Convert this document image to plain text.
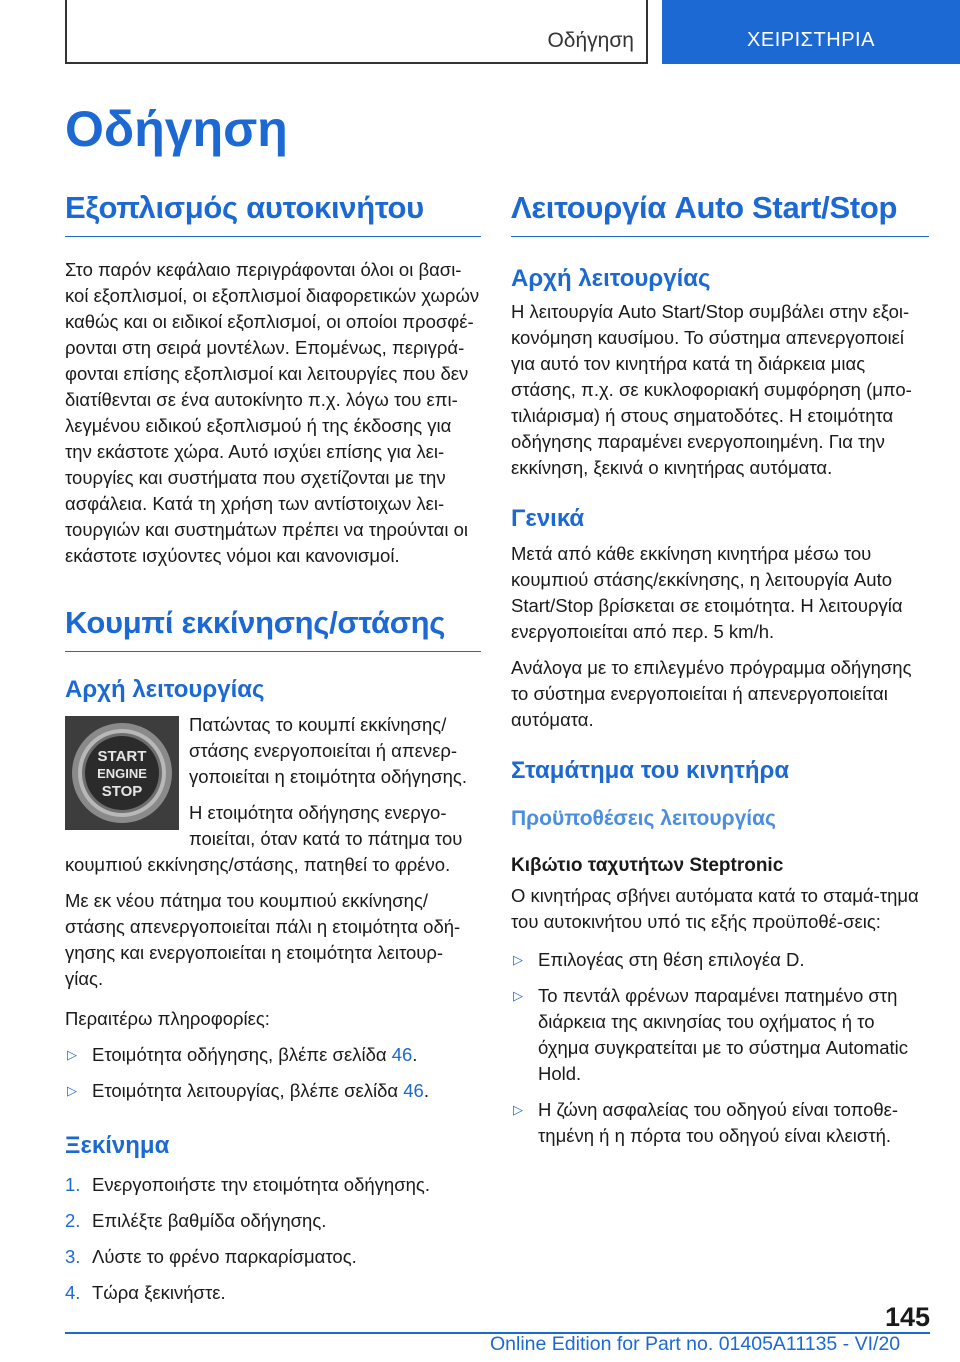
Οδήγηση	ΧΕΙΡΙΣΤΗΡΙΑ
Οδήγηση
Εξοπλισμός αυτοκινήτου

Στο παρόν κεφάλαιο περιγράφονται όλοι οι βασι-κοί εξοπλισμοί, οι εξοπλισμοί διαφορετικών χωρών καθώς και οι ειδικοί εξοπλισμοί, οι οποίοι προσφέ-ρονται στη σειρά μοντέλων. Επομένως, περιγρά-φονται επίσης εξοπλισμοί και λειτουργίες που δεν διατίθενται σε ένα αυτοκίνητο π.χ. λόγω του επι-λεγμένου ειδικού εξοπλισμού ή της έκδοσης για την εκάστοτε χώρα. Αυτό ισχύει επίσης για λει-τουργίες και συστήματα που σχετίζονται με την ασφάλεια. Κατά τη χρήση των αντίστοιχων λει-τουργιών και συστημάτων πρέπει να τηρούνται οι εκάστοτε ισχύοντες νόμοι και κανονισμοί.

Κουμπί εκκίνησης/στάσης
Αρχή λειτουργίας
START
ENGINE
STOP

Πατώντας το κουμπί εκκίνησης/ στάσης ενεργοποιείται ή απενερ-γοποιείται η ετοιμότητα οδήγησης.

Η ετοιμότητα οδήγησης ενεργο-ποιείται, όταν κατά το πάτημα του κουμπιού εκκίνησης/στάσης, πατηθεί το φρένο.

Με εκ νέου πάτημα του κουμπιού εκκίνησης/ στάσης απενεργοποιείται πάλι η ετοιμότητα οδή-γησης και ενεργοποιείται η ετοιμότητα λειτουρ-γίας.

Περαιτέρω πληροφορίες:

▷ Ετοιμότητα οδήγησης, βλέπε σελίδα 46.
▷ Ετοιμότητα λειτουργίας, βλέπε σελίδα 46.
Ξεκίνημα
1. Ενεργοποιήστε την ετοιμότητα οδήγησης.
2. Επιλέξτε βαθμίδα οδήγησης.
3. Λύστε το φρένο παρκαρίσματος.
4. Τώρα ξεκινήστε.
Λειτουργία Auto Start/Stop
Αρχή λειτουργίας

Η λειτουργία Auto Start/Stop συμβάλει στην εξοι-κονόμηση καυσίμου. Το σύστημα απενεργοποιεί για αυτό τον κινητήρα κατά τη διάρκεια μιας στάσης, π.χ. σε κυκλοφοριακή συμφόρηση (μπο-τιλιάρισμα) ή στους σηματοδότες. Η ετοιμότητα οδήγησης παραμένει ενεργοποιημένη. Για την εκκίνηση, ξεκινά ο κινητήρας αυτόματα.

Γενικά

Μετά από κάθε εκκίνηση κινητήρα μέσω του κουμπιού στάσης/εκκίνησης, η λειτουργία Auto Start/Stop βρίσκεται σε ετοιμότητα. Η λειτουργία ενεργοποιείται από περ. 5 km/h.

Ανάλογα με το επιλεγμένο πρόγραμμα οδήγησης το σύστημα ενεργοποιείται ή απενεργοποιείται αυτόματα.

Σταμάτημα του κινητήρα
Προϋποθέσεις λειτουργίας
Κιβώτιο ταχυτήτων Steptronic

Ο κινητήρας σβήνει αυτόματα κατά το σταμά-τημα του αυτοκινήτου υπό τις εξής προϋποθέ-σεις:

▷ Επιλογέας στη θέση επιλογέα D.
▷ Το πεντάλ φρένων παραμένει πατημένο στη διάρκεια της ακινησίας του οχήματος ή το όχημα συγκρατείται με το σύστημα Automatic Hold.
▷ Η ζώνη ασφαλείας του οδηγού είναι τοποθε-τημένη ή η πόρτα του οδηγού είναι κλειστή.
145
Online Edition for Part no. 01405A11135 - VI/20
